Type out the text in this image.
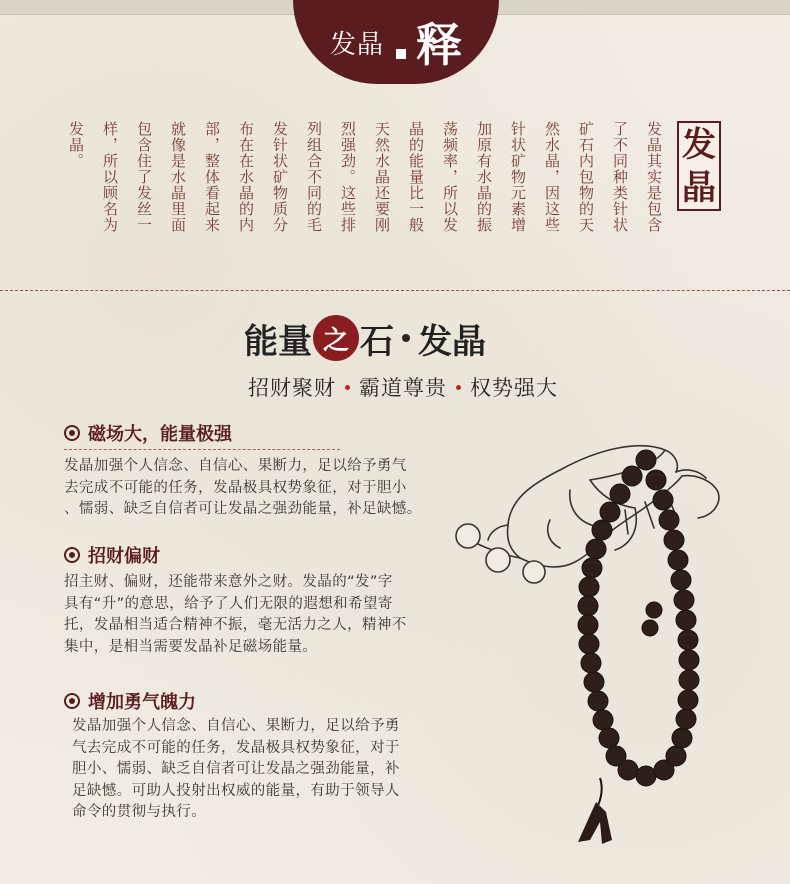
发晶 释
发晶其实是包含
了不同种类针状
矿石内包物的天
然水晶，因这些
针状矿物元素增
加原有水晶的振
荡频率，所以发
晶的能量比一般
天然水晶还要刚
烈强劲。这些排
列组合不同的毛
发针状矿物质分
布在在水晶的内
部，整体看起来
就像是水晶里面
包含住了发丝一
样，所以顾名为
发晶。	发
晶
能量 之 石 发晶
招财聚财 霸道尊贵 权势强大
磁场大，能量极强
发晶加强个人信念、自信心、果断力，足以给予勇气
去完成不可能的任务，发晶极具权势象征，对于胆小
、懦弱、缺乏自信者可让发晶之强劲能量，补足缺憾。
招财偏财
招主财、偏财，还能带来意外之财。发晶的“发”字
具有“升”的意思，给予了人们无限的遐想和希望寄
托，发晶相当适合精神不振，毫无活力之人，精神不
集中，是相当需要发晶补足磁场能量。
增加勇气魄力
发晶加强个人信念、自信心、果断力，足以给予勇
气去完成不可能的任务，发晶极具权势象征，对于
胆小、懦弱、缺乏自信者可让发晶之强劲能量，补
足缺憾。可助人投射出权威的能量，有助于领导人
命令的贯彻与执行。
